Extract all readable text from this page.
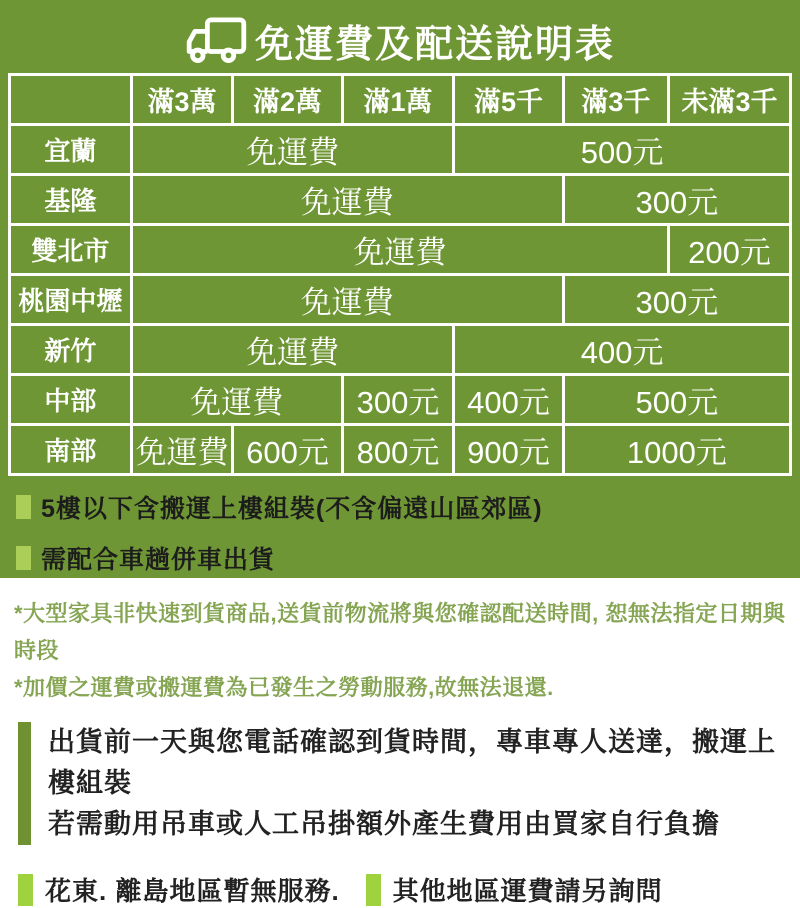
免運費及配送說明表
	滿3萬	滿2萬	滿1萬	滿5千	滿3千	未滿3千
宜蘭	免運費			500元		
基隆	免運費				300元	
雙北市	免運費					200元
桃園中壢	免運費				300元	
新竹	免運費			400元		
中部	免運費		300元	400元	500元	
南部	免運費	600元	800元	900元	1000元	
5樓以下含搬運上樓組裝(不含偏遠山區郊區)
需配合車趟併車出貨
*大型家具非快速到貨商品,送貨前物流將與您確認配送時間, 恕無法指定日期與時段
*加價之運費或搬運費為已發生之勞動服務,故無法退還.
出貨前一天與您電話確認到貨時間，專車專人送達，搬運上樓組裝
若需動用吊車或人工吊掛額外產生費用由買家自行負擔
花東. 離島地區暫無服務. 其他地區運費請另詢問
